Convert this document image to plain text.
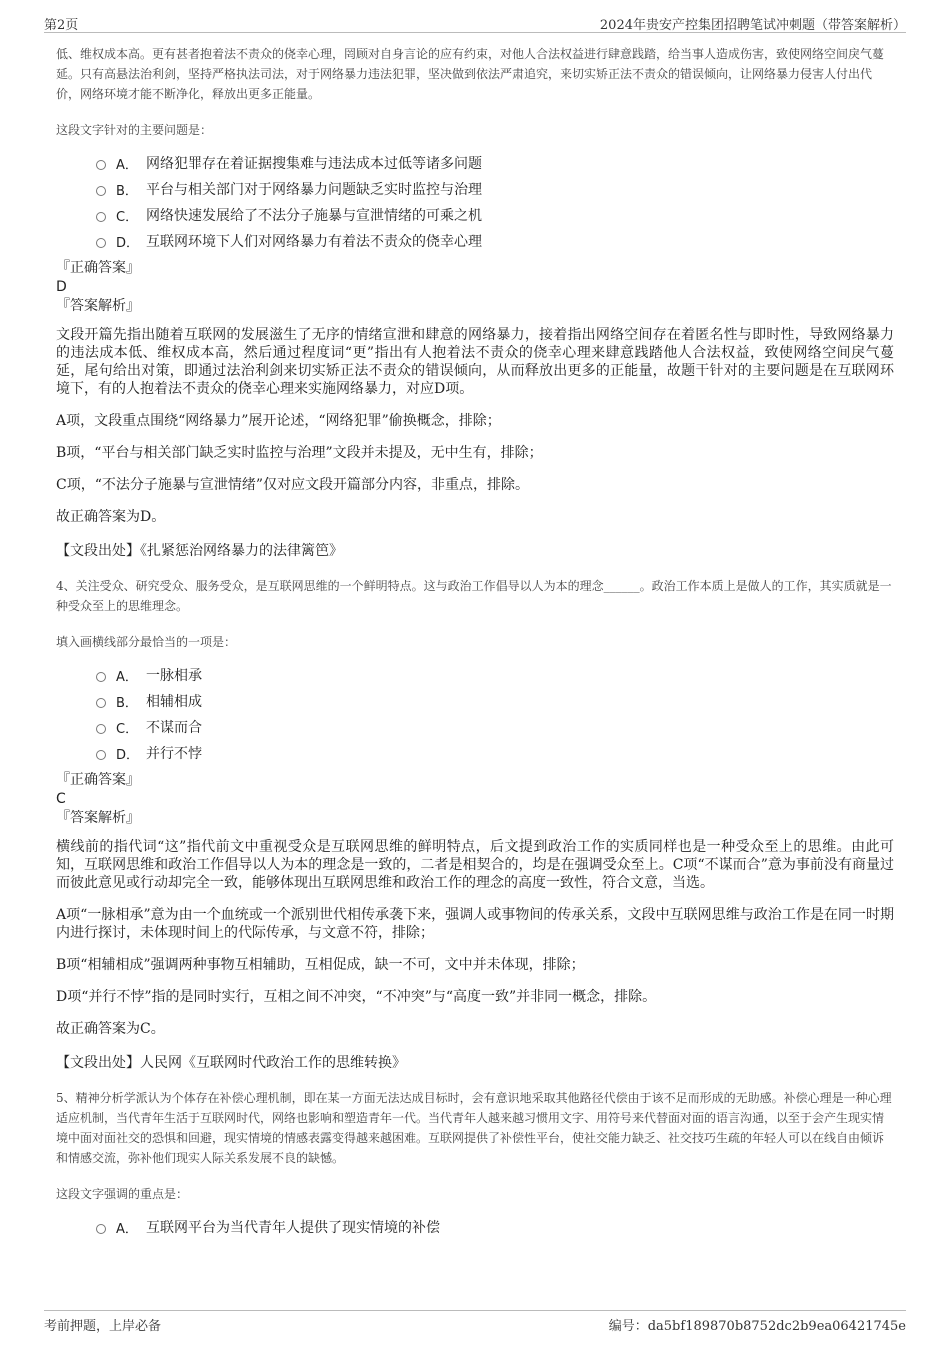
第2页	2024年贵安产控集团招聘笔试冲刺题（带答案解析）

低、维权成本高。更有甚者抱着法不责众的侥幸心理，罔顾对自身言论的应有约束，对他人合法权益进行肆意践踏，给当事人造成伤害，致使网络空间戾气蔓延。只有高悬法治利剑，坚持严格执法司法，对于网络暴力违法犯罪，坚决做到依法严肃追究，来切实矫正法不责众的错误倾向，让网络暴力侵害人付出代价，网络环境才能不断净化，释放出更多正能量。

这段文字针对的主要问题是：

A． 网络犯罪存在着证据搜集难与违法成本过低等诸多问题
B． 平台与相关部门对于网络暴力问题缺乏实时监控与治理
C． 网络快速发展给了不法分子施暴与宣泄情绪的可乘之机
D． 互联网环境下人们对网络暴力有着法不责众的侥幸心理

『正确答案』

D

『答案解析』

文段开篇先指出随着互联网的发展滋生了无序的情绪宣泄和肆意的网络暴力，接着指出网络空间存在着匿名性与即时性，导致网络暴力的违法成本低、维权成本高，然后通过程度词“更”指出有人抱着法不责众的侥幸心理来肆意践踏他人合法权益，致使网络空间戾气蔓延，尾句给出对策，即通过法治利剑来切实矫正法不责众的错误倾向，从而释放出更多的正能量，故题干针对的主要问题是在互联网环境下，有的人抱着法不责众的侥幸心理来实施网络暴力，对应D项。

A项，文段重点围绕“网络暴力”展开论述，“网络犯罪”偷换概念，排除；

B项，“平台与相关部门缺乏实时监控与治理”文段并未提及，无中生有，排除；

C项，“不法分子施暴与宣泄情绪”仅对应文段开篇部分内容，非重点，排除。

故正确答案为D。

【文段出处】《扎紧惩治网络暴力的法律篱笆》

4、关注受众、研究受众、服务受众，是互联网思维的一个鲜明特点。这与政治工作倡导以人为本的理念______。政治工作本质上是做人的工作，其实质就是一种受众至上的思维理念。

填入画横线部分最恰当的一项是：

A． 一脉相承
B． 相辅相成
C． 不谋而合
D． 并行不悖

『正确答案』

C

『答案解析』

横线前的指代词“这”指代前文中重视受众是互联网思维的鲜明特点，后文提到政治工作的实质同样也是一种受众至上的思维。由此可知，互联网思维和政治工作倡导以人为本的理念是一致的，二者是相契合的，均是在强调受众至上。C项“不谋而合”意为事前没有商量过而彼此意见或行动却完全一致，能够体现出互联网思维和政治工作的理念的高度一致性，符合文意，当选。

A项“一脉相承”意为由一个血统或一个派别世代相传承袭下来，强调人或事物间的传承关系，文段中互联网思维与政治工作是在同一时期内进行探讨，未体现时间上的代际传承，与文意不符，排除；

B项“相辅相成”强调两种事物互相辅助，互相促成，缺一不可，文中并未体现，排除；

D项“并行不悖”指的是同时实行，互相之间不冲突，“不冲突”与“高度一致”并非同一概念，排除。

故正确答案为C。

【文段出处】人民网《互联网时代政治工作的思维转换》

5、精神分析学派认为个体存在补偿心理机制，即在某一方面无法达成目标时，会有意识地采取其他路径代偿由于该不足而形成的无助感。补偿心理是一种心理适应机制，当代青年生活于互联网时代，网络也影响和塑造青年一代。当代青年人越来越习惯用文字、用符号来代替面对面的语言沟通，以至于会产生现实情境中面对面社交的恐惧和回避，现实情境的情感表露变得越来越困难。互联网提供了补偿性平台，使社交能力缺乏、社交技巧生疏的年轻人可以在线自由倾诉和情感交流，弥补他们现实人际关系发展不良的缺憾。

这段文字强调的重点是：

A． 互联网平台为当代青年人提供了现实情境的补偿
考前押题，上岸必备	编号：da5bf189870b8752dc2b9ea06421745e
